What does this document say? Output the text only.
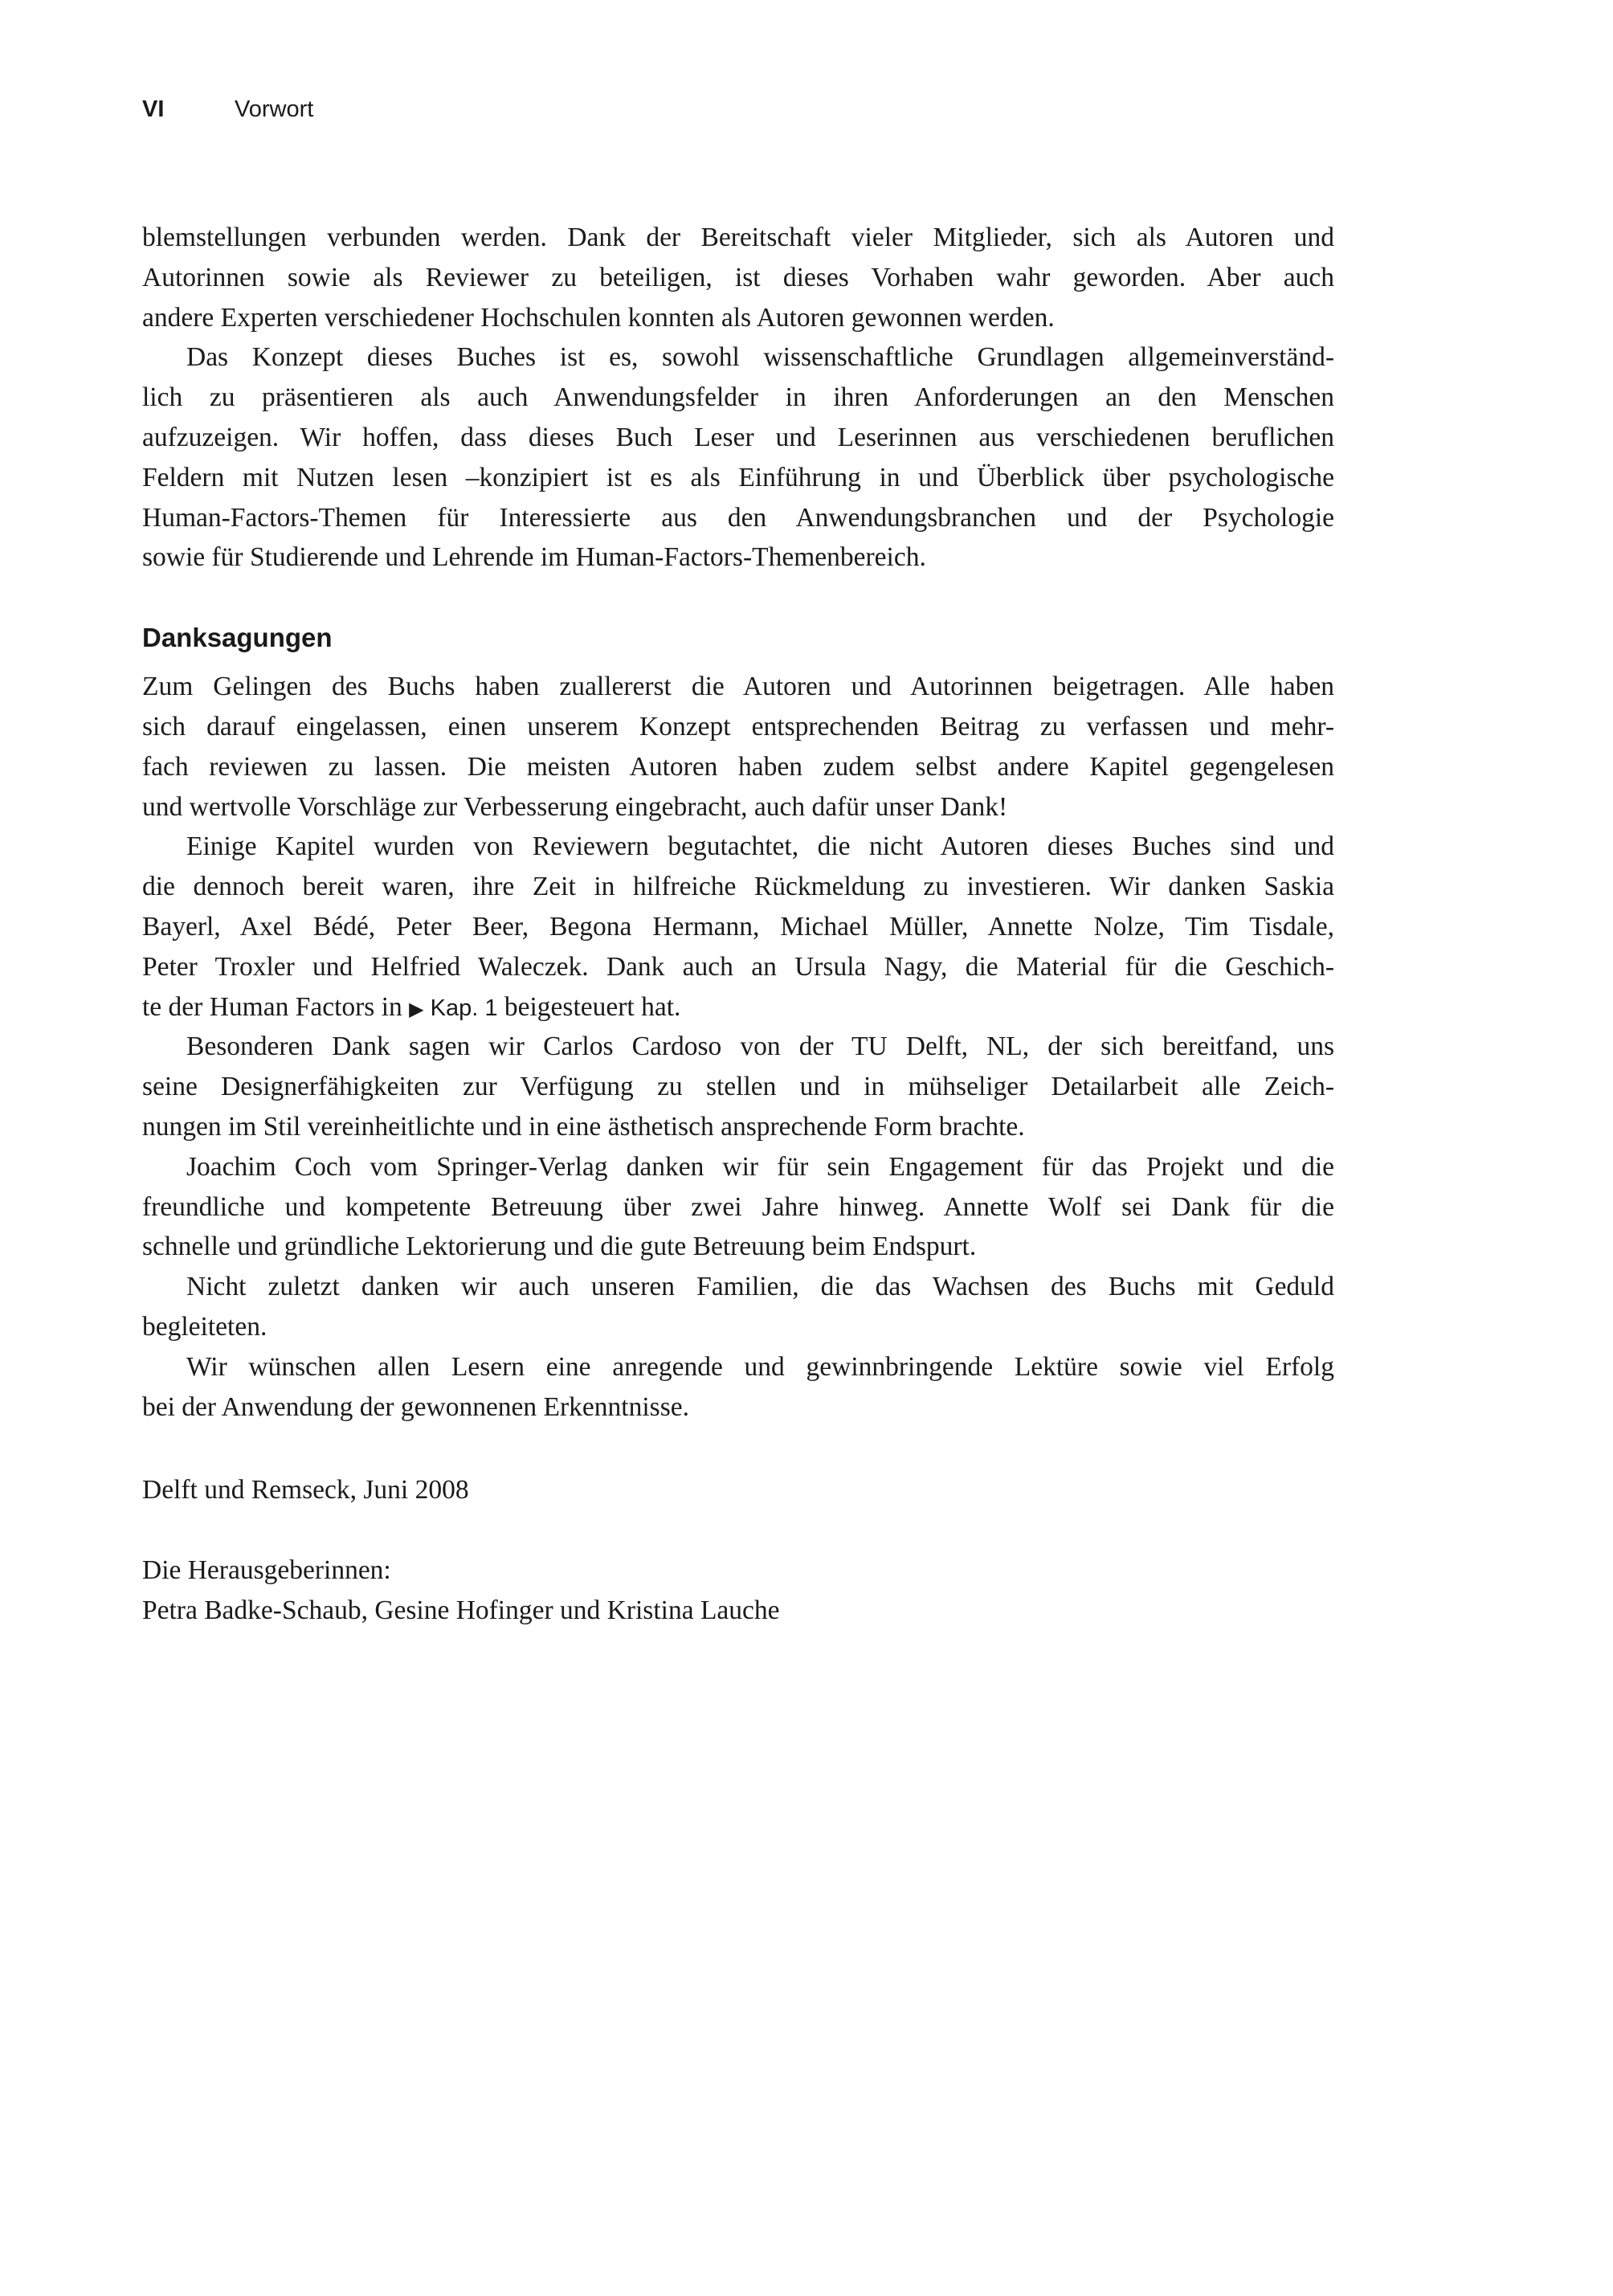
VI	Vorwort
blemstellungen verbunden werden. Dank der Bereitschaft vieler Mitglieder, sich als Autoren und
Autorinnen sowie als Reviewer zu beteiligen, ist dieses Vorhaben wahr geworden. Aber auch
andere Experten verschiedener Hochschulen konnten als Autoren gewonnen werden.
Das Konzept dieses Buches ist es, sowohl wissenschaftliche Grundlagen allgemeinverständ-
lich zu präsentieren als auch Anwendungsfelder in ihren Anforderungen an den Menschen
aufzuzeigen. Wir hoffen, dass dieses Buch Leser und Leserinnen aus verschiedenen beruflichen
Feldern mit Nutzen lesen –konzipiert ist es als Einführung in und Überblick über psychologische
Human-Factors-Themen für Interessierte aus den Anwendungsbranchen und der Psychologie
sowie für Studierende und Lehrende im Human-Factors-Themenbereich.
Danksagungen
Zum Gelingen des Buchs haben zuallererst die Autoren und Autorinnen beigetragen. Alle haben
sich darauf eingelassen, einen unserem Konzept entsprechenden Beitrag zu verfassen und mehr-
fach reviewen zu lassen. Die meisten Autoren haben zudem selbst andere Kapitel gegengelesen
und wertvolle Vorschläge zur Verbesserung eingebracht, auch dafür unser Dank!
Einige Kapitel wurden von Reviewern begutachtet, die nicht Autoren dieses Buches sind und
die dennoch bereit waren, ihre Zeit in hilfreiche Rückmeldung zu investieren. Wir danken Saskia
Bayerl, Axel Bédé, Peter Beer, Begona Hermann, Michael Müller, Annette Nolze, Tim Tisdale,
Peter Troxler und Helfried Waleczek. Dank auch an Ursula Nagy, die Material für die Geschich-
te der Human Factors in ▶ Kap. 1 beigesteuert hat.
Besonderen Dank sagen wir Carlos Cardoso von der TU Delft, NL, der sich bereitfand, uns
seine Designerfähigkeiten zur Verfügung zu stellen und in mühseliger Detailarbeit alle Zeich-
nungen im Stil vereinheitlichte und in eine ästhetisch ansprechende Form brachte.
Joachim Coch vom Springer-Verlag danken wir für sein Engagement für das Projekt und die
freundliche und kompetente Betreuung über zwei Jahre hinweg. Annette Wolf sei Dank für die
schnelle und gründliche Lektorierung und die gute Betreuung beim Endspurt.
Nicht zuletzt danken wir auch unseren Familien, die das Wachsen des Buchs mit Geduld
begleiteten.
Wir wünschen allen Lesern eine anregende und gewinnbringende Lektüre sowie viel Erfolg
bei der Anwendung der gewonnenen Erkenntnisse.
Delft und Remseck, Juni 2008
Die Herausgeberinnen:
Petra Badke-Schaub, Gesine Hofinger und Kristina Lauche
